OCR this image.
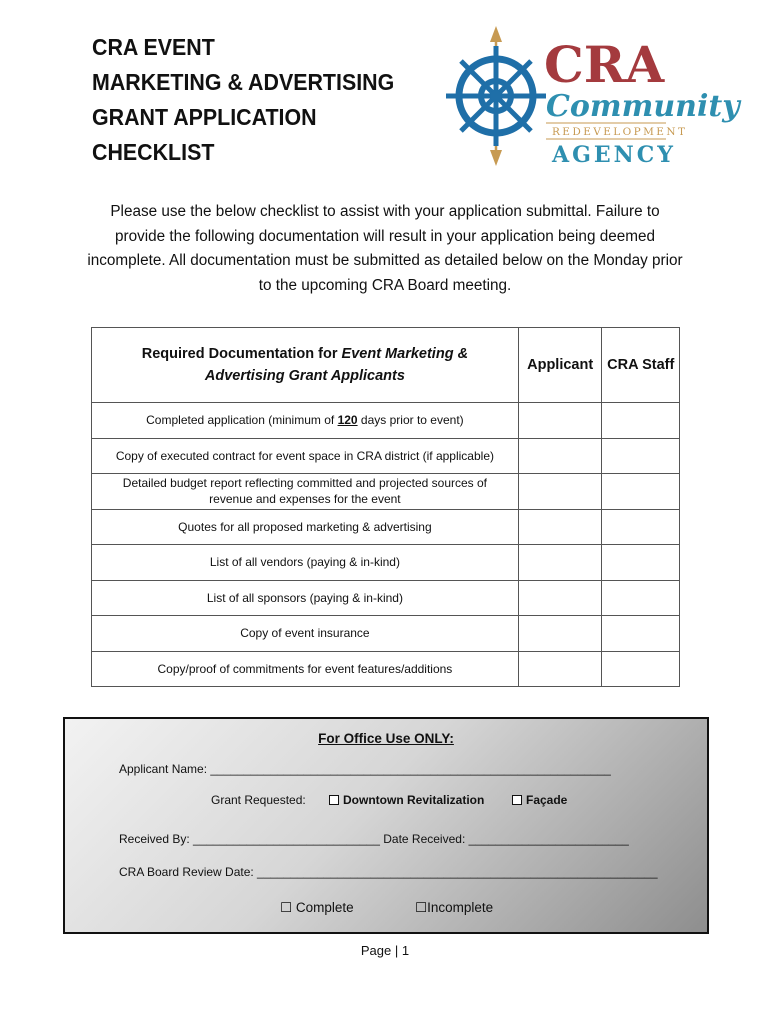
CRA EVENT
MARKETING & ADVERTISING
GRANT APPLICATION
CHECKLIST
CRA
Community
REDEVELOPMENT
AGENCY
Please use the below checklist to assist with your application submittal. Failure to provide the following documentation will result in your application being deemed incomplete. All documentation must be submitted as detailed below on the Monday prior to the upcoming CRA Board meeting.
Required Documentation for Event Marketing & Advertising Grant Applicants	Applicant	CRA Staff
Completed application (minimum of 120 days prior to event)		
Copy of executed contract for event space in CRA district (if applicable)		
Detailed budget report reflecting committed and projected sources of revenue and expenses for the event		
Quotes for all proposed marketing & advertising		
List of all vendors (paying & in-kind)		
List of all sponsors (paying & in-kind)		
Copy of event insurance		
Copy/proof of commitments for event features/additions		
For Office Use ONLY:
Applicant Name: ____________________________________________________________
Grant Requested:	Downtown Revitalization	Façade
Received By: ____________________________ Date Received: ________________________
CRA Board Review Date: ____________________________________________________________
☐ Complete	☐Incomplete
Page | 1
